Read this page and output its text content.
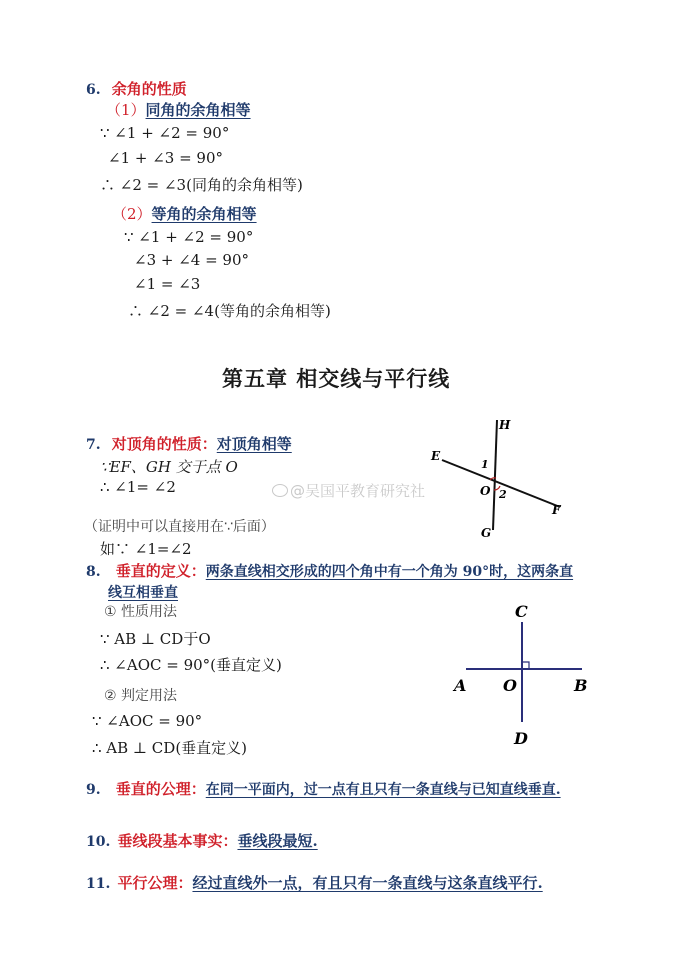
6. 余角的性质
（1）同角的余角相等
∵ ∠1 + ∠2 = 90°
∠1 + ∠3 = 90°
∴ ∠2 = ∠3(同角的余角相等)
（2）等角的余角相等
∵ ∠1 + ∠2 = 90°
∠3 + ∠4 = 90°
∠1 = ∠3
∴ ∠2 = ∠4(等角的余角相等)
第五章 相交线与平行线
7. 对顶角的性质：对顶角相等
∵EF、GH 交于点 O
∴ ∠1= ∠2
（证明中可以直接用在∵后面）
如∵ ∠1=∠2
H
E
1
O 2
F
G
@吴国平教育研究社
8. 垂直的定义：两条直线相交形成的四个角中有一个角为 90°时，这两条直
线互相垂直
① 性质用法
∵ AB ⊥ CD于O
∴ ∠AOC = 90°(垂直定义)
② 判定用法
∵ ∠AOC = 90°
∴ AB ⊥ CD(垂直定义)
C
A O	B
D
9. 垂直的公理：在同一平面内，过一点有且只有一条直线与已知直线垂直.
10. 垂线段基本事实：垂线段最短.
11. 平行公理：经过直线外一点，有且只有一条直线与这条直线平行.
